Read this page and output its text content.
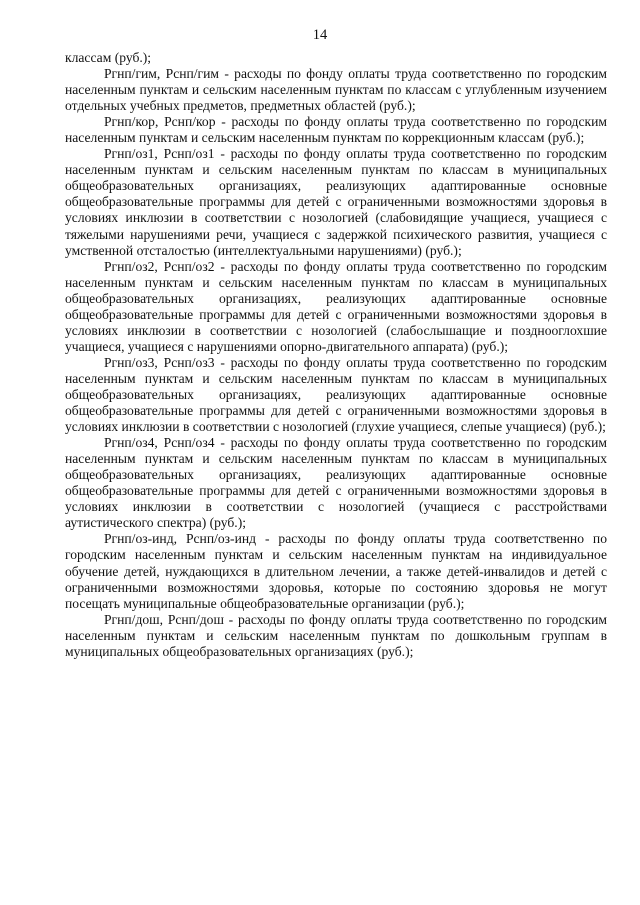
14

классам (руб.);

Ргнп/гим, Рснп/гим - расходы по фонду оплаты труда соответственно по городским населенным пунктам и сельским населенным пунктам по классам с углубленным изучением отдельных учебных предметов, предметных областей (руб.);

Ргнп/кор, Рснп/кор - расходы по фонду оплаты труда соответственно по городским населенным пунктам и сельским населенным пунктам по коррекционным классам (руб.);

Ргнп/оз1, Рснп/оз1 - расходы по фонду оплаты труда соответственно по городским населенным пунктам и сельским населенным пунктам по классам в муниципальных общеобразовательных организациях, реализующих адаптированные основные общеобразовательные программы для детей с ограниченными возможностями здоровья в условиях инклюзии в соответствии с нозологией (слабовидящие учащиеся, учащиеся с тяжелыми нарушениями речи, учащиеся с задержкой психического развития, учащиеся с умственной отсталостью (интеллектуальными нарушениями) (руб.);

Ргнп/оз2, Рснп/оз2 - расходы по фонду оплаты труда соответственно по городским населенным пунктам и сельским населенным пунктам по классам в муниципальных общеобразовательных организациях, реализующих адаптированные основные общеобразовательные программы для детей с ограниченными возможностями здоровья в условиях инклюзии в соответствии с нозологией (слабослышащие и позднооглохшие учащиеся, учащиеся с нарушениями опорно-двигательного аппарата) (руб.);

Ргнп/оз3, Рснп/оз3 - расходы по фонду оплаты труда соответственно по городским населенным пунктам и сельским населенным пунктам по классам в муниципальных общеобразовательных организациях, реализующих адаптированные основные общеобразовательные программы для детей с ограниченными возможностями здоровья в условиях инклюзии в соответствии с нозологией (глухие учащиеся, слепые учащиеся) (руб.);

Ргнп/оз4, Рснп/оз4 - расходы по фонду оплаты труда соответственно по городским населенным пунктам и сельским населенным пунктам по классам в муниципальных общеобразовательных организациях, реализующих адаптированные основные общеобразовательные программы для детей с ограниченными возможностями здоровья в условиях инклюзии в соответствии с нозологией (учащиеся с расстройствами аутистического спектра) (руб.);

Ргнп/оз-инд, Рснп/оз-инд - расходы по фонду оплаты труда соответственно по городским населенным пунктам и сельским населенным пунктам на индивидуальное обучение детей, нуждающихся в длительном лечении, а также детей-инвалидов и детей с ограниченными возможностями здоровья, которые по состоянию здоровья не могут посещать муниципальные общеобразовательные организации (руб.);

Ргнп/дош, Рснп/дош - расходы по фонду оплаты труда соответственно по городским населенным пунктам и сельским населенным пунктам по дошкольным группам в муниципальных общеобразовательных организациях (руб.);
